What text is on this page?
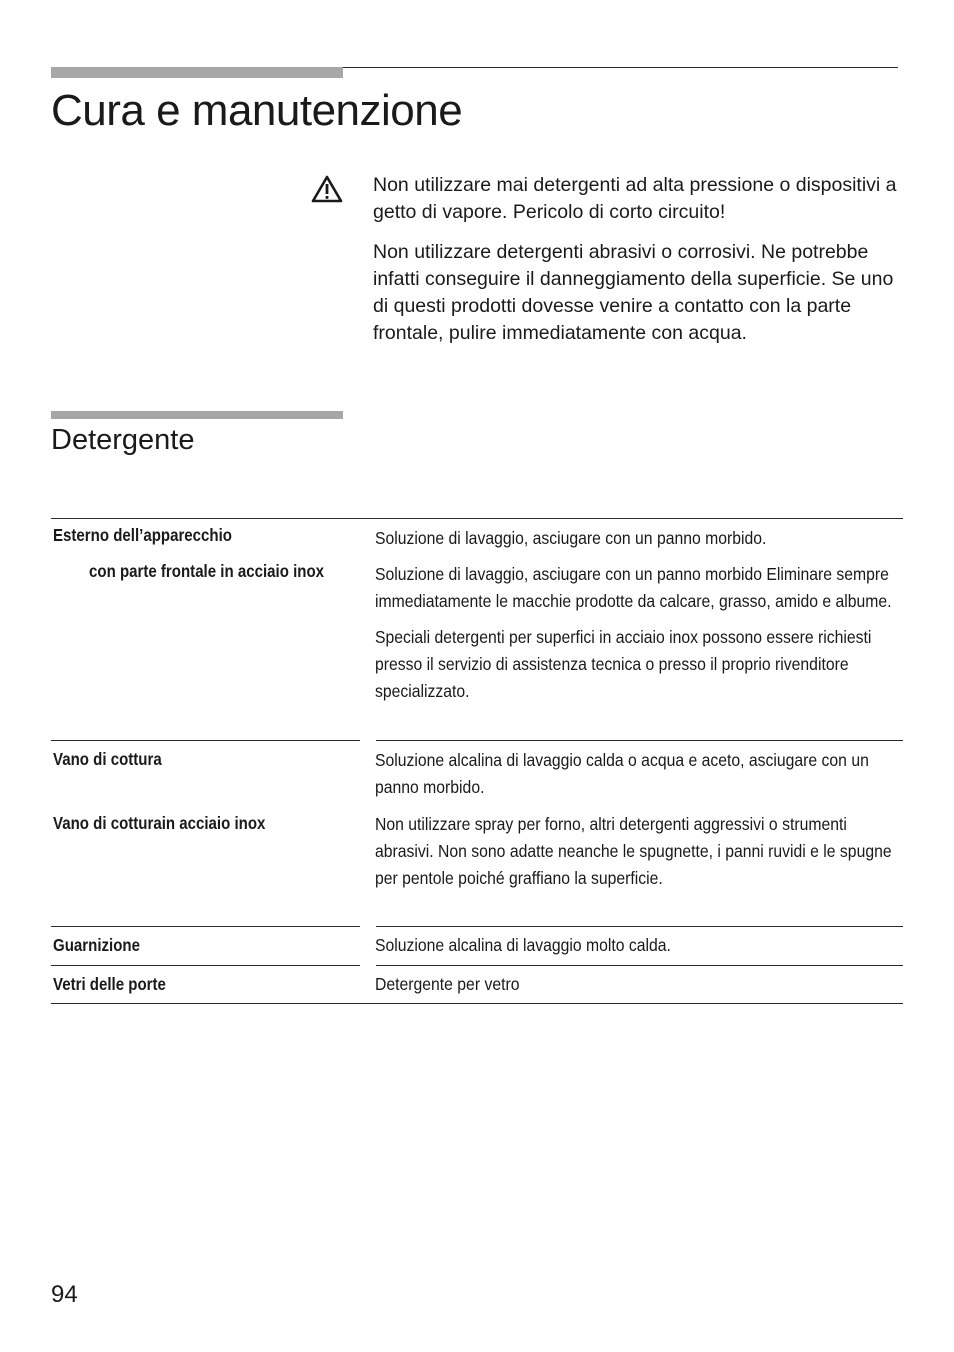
Cura e manutenzione

Non utilizzare mai detergenti ad alta pressione o dispositivi a getto di vapore. Pericolo di corto circuito!

Non utilizzare detergenti abrasivi o corrosivi. Ne potrebbe infatti conseguire il danneggiamento della superficie. Se uno di questi prodotti dovesse venire a contatto con la parte frontale, pulire immediatamente con acqua.

Detergente
Esterno dell’apparecchio	Soluzione di lavaggio, asciugare con un panno morbido.
con parte frontale in acciaio inox	Soluzione di lavaggio, asciugare con un panno morbido Eliminare sempre immediatamente le macchie prodotte da calcare, grasso, amido e albume.

Speciali detergenti per superfici in acciaio inox possono essere richiesti presso il servizio di assistenza tecnica o presso il proprio rivenditore specializzato.

Vano di cottura	Soluzione alcalina di lavaggio calda o acqua e aceto, asciugare con un panno morbido.
Vano di cotturain acciaio inox	Non utilizzare spray per forno, altri detergenti aggressivi o strumenti abrasivi. Non sono adatte neanche le spugnette, i panni ruvidi e le spugne per pentole poiché graffiano la superficie.
Guarnizione	Soluzione alcalina di lavaggio molto calda.
Vetri delle porte	Detergente per vetro
94
